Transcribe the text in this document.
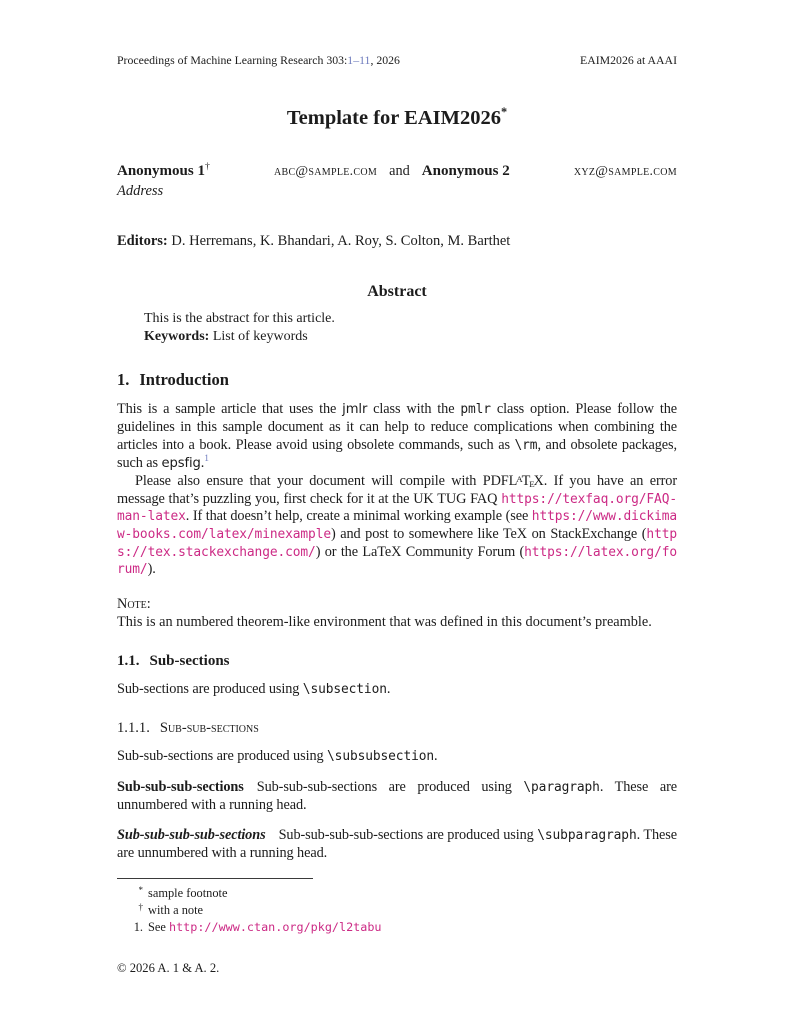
Proceedings of Machine Learning Research 303:1–11, 2026	EAIM2026 at AAAI
Template for EAIM2026*
Anonymous 1†	abc@sample.com and Anonymous 2	xyz@sample.com
Address
Editors: D. Herremans, K. Bhandari, A. Roy, S. Colton, M. Barthet
Abstract
This is the abstract for this article.
Keywords: List of keywords
1. Introduction

This is a sample article that uses the jmlr class with the pmlr class option. Please follow the guidelines in this sample document as it can help to reduce complications when combining the articles into a book. Please avoid using obsolete commands, such as \rm, and obsolete packages, such as epsfig.$^1$

Please also ensure that your document will compile with $PDFL^ATEX$. If you have an error message that’s puzzling you, first check for it at the UK TUG FAQ https://texfaq.org/FAQ-man-latex. If that doesn’t help, create a minimal working example (see https://www.dickimaw-books.com/latex/minexample) and post to somewhere like TeX on StackExchange (https://tex.stackexchange.com/) or the LaTeX Community Forum (https://latex.org/forum/).

Note:
This is an numbered theorem-like environment that was defined in this document’s preamble.
1.1. Sub-sections

Sub-sections are produced using \subsection.

1.1.1. Sub-sub-sections

Sub-sub-sections are produced using \subsubsection.

Sub-sub-sub-sections Sub-sub-sub-sections are produced using \paragraph. These are unnumbered with a running head.

Sub-sub-sub-sub-sections Sub-sub-sub-sub-sections are produced using \subparagraph. These are unnumbered with a running head.

* sample footnote
† with a note
1. See http://www.ctan.org/pkg/l2tabu
© 2026 A. 1 & A. 2.
